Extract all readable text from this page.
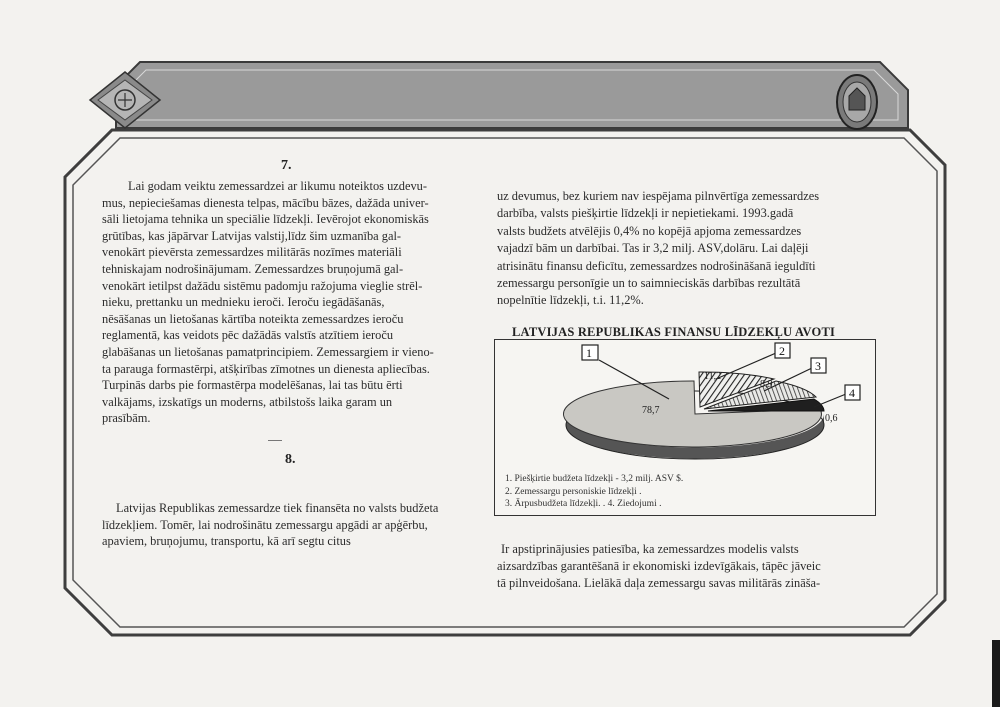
7.
Lai godam veiktu zemessardzei ar likumu noteiktos uzdevu-
mus, nepieciešamas dienesta telpas, mācību bāzes, dažāda univer-
sāli lietojama tehnika un speciālie līdzekļi. Ievērojot ekonomiskās
grūtības, kas jāpārvar Latvijas valstij,līdz šim uzmanība gal-
venokārt pievērsta zemessardzes militārās nozīmes materiāli
tehniskajam nodrošinājumam. Zemessardzes bruņojumā gal-
venokārt ietilpst dažādu sistēmu padomju ražojuma vieglie strēl-
nieku, prettanku un mednieku ieroči. Ieroču iegādāšanās,
nēsāšanas un lietošanas kārtība noteikta zemessardzes ieroču
reglamentā, kas veidots pēc dažādās valstīs atzītiem ieroču
glabāšanas un lietošanas pamatprincipiem. Zemessargiem ir vieno-
ta parauga formastērpi, atšķirības zīmotnes un dienesta apliecības.
Turpinās darbs pie formastērpa modelēšanas, lai tas būtu ērti
valkājams, izskatīgs un moderns, atbilstošs laika garam un
prasībām.
8.
Latvijas Republikas zemessardze tiek finansēta no valsts budžeta
līdzekļiem. Tomēr, lai nodrošinātu zemessargu apgādi ar apģērbu,
apaviem, bruņojumu, transportu, kā arī segtu citus
uz devumus, bez kuriem nav iespējama pilnvērtīga zemessardzes
darbība, valsts piešķirtie līdzekļi ir nepietiekami. 1993.gadā
valsts budžets atvēlējis 0,4% no kopējā apjoma zemessardzes
vajadzī bām un darbībai. Tas ir 3,2 milj. ASV,dolāru. Lai daļēji
atrisinātu finansu deficītu, zemessardzes nodrošināšanā ieguldīti
zemessargu personīgie un to saimnieciskās darbības rezultātā
nopelnītie līdzekļi, t.i. 11,2%.
LATVIJAS REPUBLIKAS FINANSU LĪDZEKĻU AVOTI
1	2
3
4
78,7
11,2
8,9
0,6
1. Piešķirtie budžeta līdzekļi - 3,2 milj. ASV $.
2. Zemessargu personiskie līdzekļi .
3. Ārpusbudžeta līdzekļi. . 4. Ziedojumi .
Ir apstiprinājusies patiesība, ka zemessardzes modelis valsts
aizsardzības garantēšanā ir ekonomiski izdevīgākais, tāpēc jāveic
tā pilnveidošana. Lielākā daļa zemessargu savas militārās zināša-
